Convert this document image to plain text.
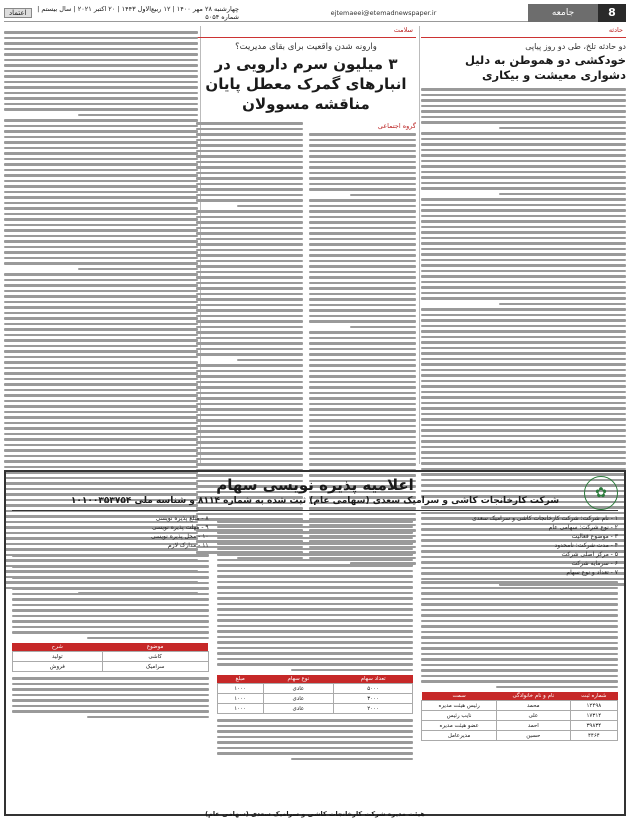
8
جامعه
ejtemaeei@etemadnewspaper.ir
چهارشنبه ۲۸ مهر ۱۴۰۰ | ۱۲ ربیع‌الاول ۱۴۴۳ | ۲۰ اکتبر ۲۰۲۱ | سال بیستم | شماره ۵۰۵۴
اعتماد
حادثه
دو حادثه تلخ، طی دو روز پیاپی
خودکشی دو هموطن به دلیل دشواری معیشت و بیکاری
سلامت
وارونه شدن واقعیت برای بقای مدیریت؟
۳ میلیون سرم دارویی در انبارهای گمرک معطل پایان مناقشه مسوولان
گروه اجتماعی
✿
اعلامیه پذیره نویسی سهام
شرکت کارخانجات کاشی و سرامیک سعدی (سهامی عام) ثبت شده به شماره ۸۱۱۴ و شناسه ملی ۱۰۱۰۰۳۵۳۷۵۴
۱ - نام شرکت: شرکت کارخانجات کاشی و سرامیک سعدی
۲ - نوع شرکت: سهامی عام
۳ - موضوع فعالیت
۴ - مدت شرکت: نامحدود
۵ - مرکز اصلی شرکت
۶ - سرمایه شرکت
۷ - تعداد و نوع سهام
شماره ثبت	نام و نام خانوادگی	سمت
۱۲۴۹۸	محمد	رئیس هیئت مدیره
۱۷۳۱۴	علی	نایب رئیس
۳۹۸۳۴	احمد	عضو هیئت مدیره
۴۴۶۴	حسین	مدیرعامل
تعداد سهام	نوع سهام	مبلغ
۵۰۰۰	عادی	۱۰۰۰
۳۰۰۰	عادی	۱۰۰۰
۲۰۰۰	عادی	۱۰۰۰
۸ - مبلغ پذیره نویسی
۹ - مهلت پذیره نویسی
۱۰ - محل پذیره نویسی
۱۱ - مدارک لازم
موضوع	شرح
کاشی	تولید
سرامیک	فروش
هیئت مدیره شرکت کارخانجات کاشی و سرامیک سعدی (سهامی عام)
